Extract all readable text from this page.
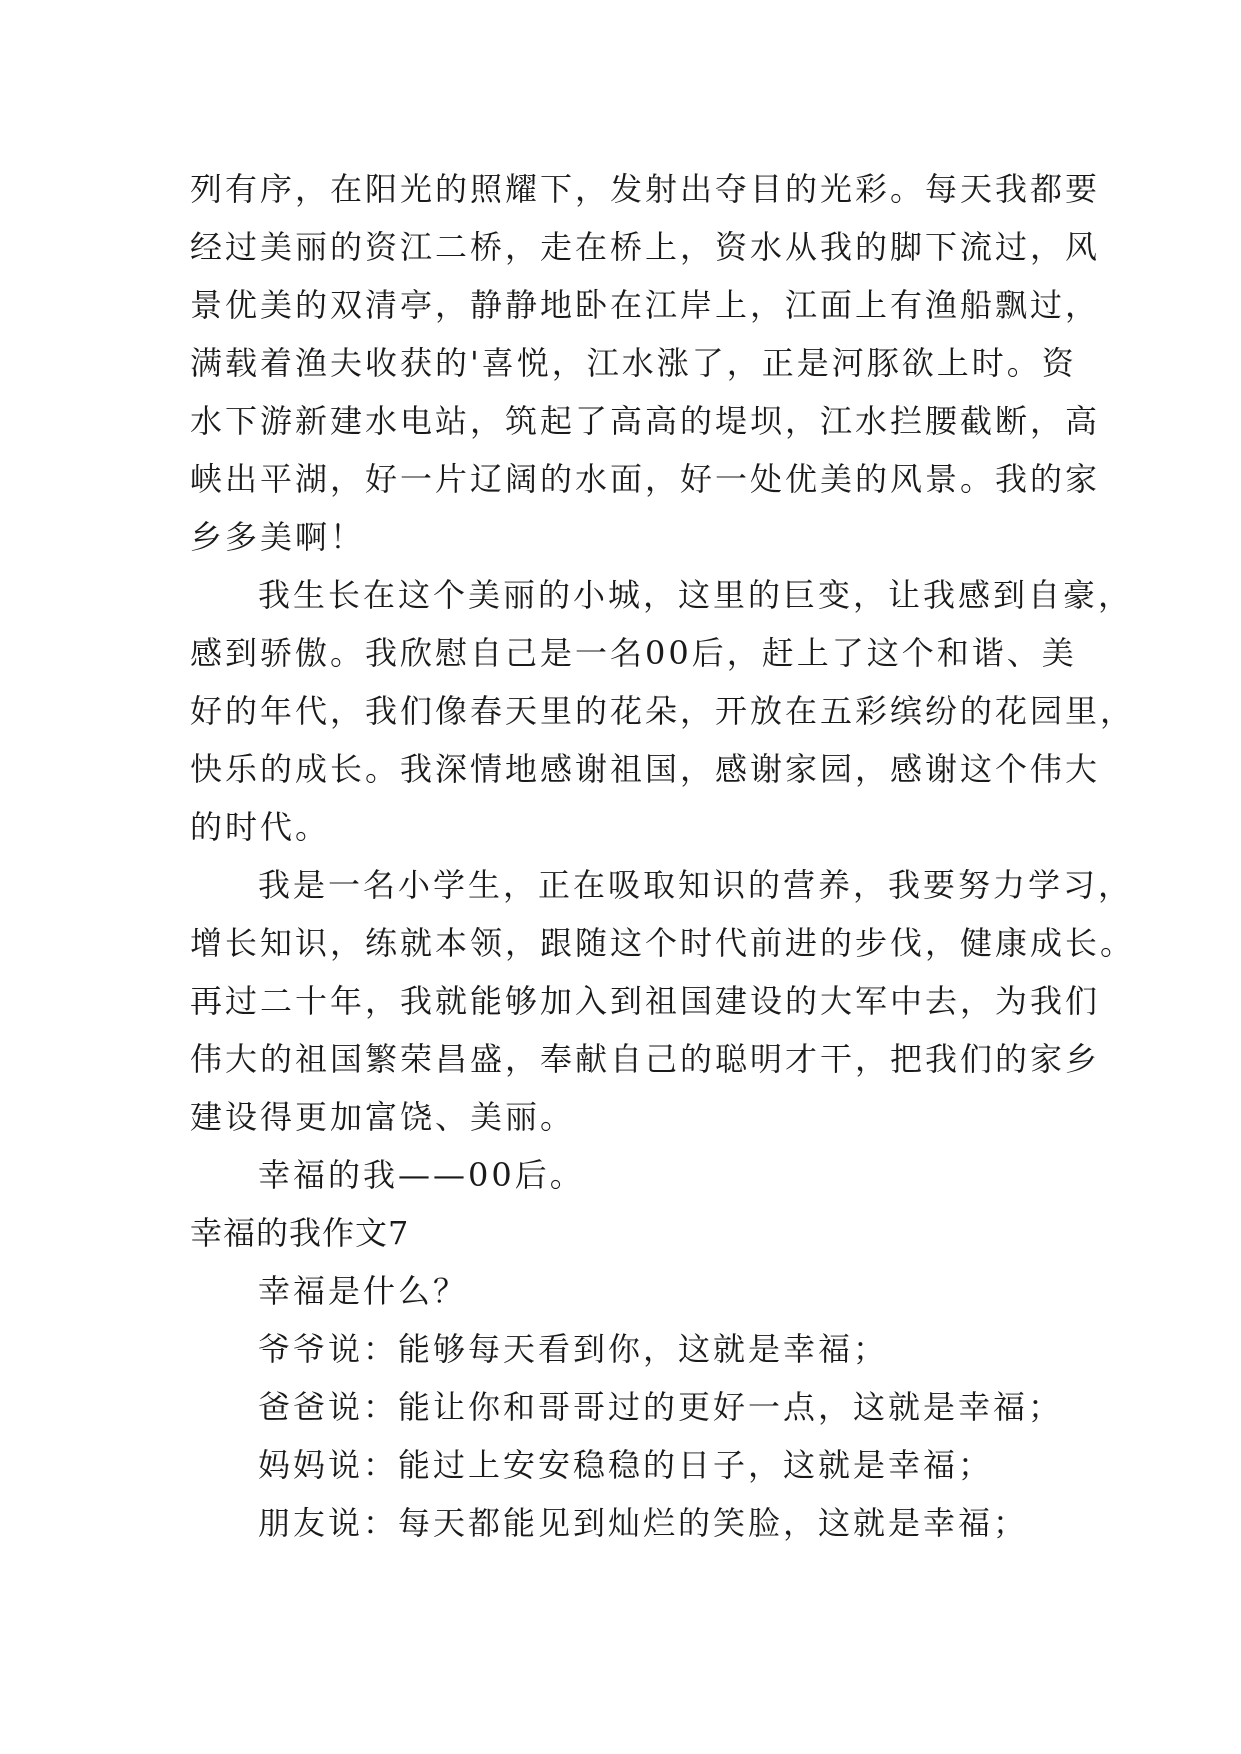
列有序，在阳光的照耀下，发射出夺目的光彩。每天我都要
经过美丽的资江二桥，走在桥上，资水从我的脚下流过，风
景优美的双清亭，静静地卧在江岸上，江面上有渔船飘过，
满载着渔夫收获的'喜悦，江水涨了，正是河豚欲上时。资
水下游新建水电站，筑起了高高的堤坝，江水拦腰截断，高
峡出平湖，好一片辽阔的水面，好一处优美的风景。我的家
乡多美啊！
我生长在这个美丽的小城，这里的巨变，让我感到自豪，
感到骄傲。我欣慰自己是一名00后，赶上了这个和谐、美
好的年代，我们像春天里的花朵，开放在五彩缤纷的花园里，
快乐的成长。我深情地感谢祖国，感谢家园，感谢这个伟大
的时代。
我是一名小学生，正在吸取知识的营养，我要努力学习，
增长知识，练就本领，跟随这个时代前进的步伐，健康成长。
再过二十年，我就能够加入到祖国建设的大军中去，为我们
伟大的祖国繁荣昌盛，奉献自己的聪明才干，把我们的家乡
建设得更加富饶、美丽。
幸福的我——00后。
幸福的我作文7
幸福是什么？
爷爷说：能够每天看到你，这就是幸福；
爸爸说：能让你和哥哥过的更好一点，这就是幸福；
妈妈说：能过上安安稳稳的日子，这就是幸福；
朋友说：每天都能见到灿烂的笑脸，这就是幸福；
